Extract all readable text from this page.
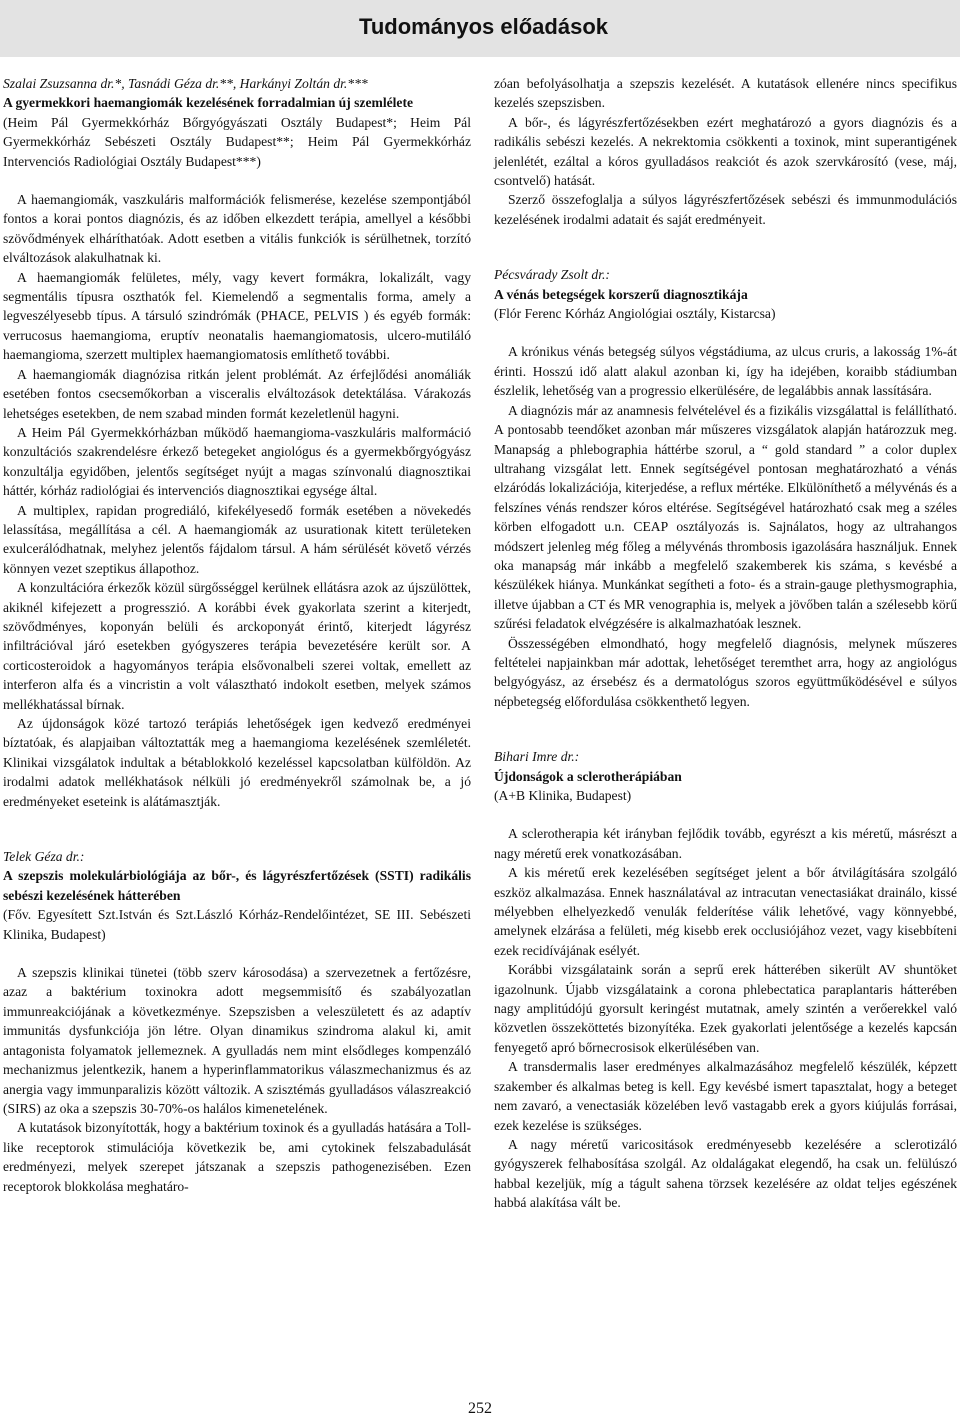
Tudományos előadások

Szalai Zsuzsanna dr.*, Tasnádi Géza dr.**, Harkányi Zoltán dr.***

A gyermekkori haemangiomák kezelésének forradalmian új szemlélete

(Heim Pál Gyermekkórház Bőrgyógyászati Osztály Budapest*; Heim Pál Gyermekkórház Sebészeti Osztály Budapest**; Heim Pál Gyermekkórház Intervenciós Radiológiai Osztály Budapest***)

A haemangiomák, vaszkuláris malformációk felismerése, kezelése szempontjából fontos a korai pontos diagnózis, és az időben elkezdett terápia, amellyel a későbbi szövődmények elháríthatóak. Adott esetben a vitális funkciók is sérülhetnek, torzító elváltozások alakulhatnak ki.

A haemangiomák felületes, mély, vagy kevert formákra, lokalizált, vagy segmentális típusra oszthatók fel. Kiemelendő a segmentalis forma, amely a legveszélyesebb típus. A társuló szindrómák (PHACE, PELVIS ) és egyéb formák: verrucosus haemangioma, eruptív neonatalis haemangiomatosis, ulcero-mutiláló haemangioma, szerzett multiplex haemangiomatosis említhető további.

A haemangiomák diagnózisa ritkán jelent problémát. Az érfejlődési anomáliák esetében fontos csecsemőkorban a visceralis elváltozások detektálása. Várakozás lehetséges esetekben, de nem szabad minden formát kezeletlenül hagyni.

A Heim Pál Gyermekkórházban működő haemangioma-vaszkuláris malformáció konzultációs szakrendelésre érkező betegeket angiológus és a gyermekbőrgyógyász konzultálja egyidőben, jelentős segítséget nyújt a magas színvonalú diagnosztikai háttér, kórház radiológiai és intervenciós diagnosztikai egysége által.

A multiplex, rapidan progrediáló, kifekélyesedő formák esetében a növekedés lelassítása, megállítása a cél. A haemangiomák az usurationak kitett területeken exulcerálódhatnak, melyhez jelentős fájdalom társul. A hám sérülését követő vérzés könnyen vezet szeptikus állapothoz.

A konzultációra érkezők közül sürgősséggel kerülnek ellátásra azok az újszülöttek, akiknél kifejezett a progresszió. A korábbi évek gyakorlata szerint a kiterjedt, szövődményes, koponyán belüli és arckoponyát érintő, kiterjedt lágyrész infiltrációval járó esetekben gyógyszeres terápia bevezetésére került sor. A corticosteroidok a hagyományos terápia elsővonalbeli szerei voltak, emellett az interferon alfa és a vincristin a volt választható indokolt esetben, melyek számos mellékhatással bírnak.

Az újdonságok közé tartozó terápiás lehetőségek igen kedvező eredményei bíztatóak, és alapjaiban változtatták meg a haemangioma kezelésének szemléletét. Klinikai vizsgálatok indultak a bétablokkoló kezeléssel kapcsolatban külföldön. Az irodalmi adatok mellékhatások nélküli jó eredményekről számolnak be, a jó eredményeket eseteink is alátámasztják.

Telek Géza dr.:

A szepszis molekulárbiológiája az bőr-, és lágyrészfertőzések (SSTI) radikális sebészi kezelésének hátterében

(Főv. Egyesített Szt.István és Szt.László Kórház-Rendelőintézet, SE III. Sebészeti Klinika, Budapest)

A szepszis klinikai tünetei (több szerv károsodása) a szervezetnek a fertőzésre, azaz a baktérium toxinokra adott megsemmisítő és szabályozatlan immunreakciójának a következménye. Szepszisben a veleszületett és az adaptív immunitás dysfunkciója jön létre. Olyan dinamikus szindroma alakul ki, amit antagonista folyamatok jellemeznek. A gyulladás nem mint elsődleges kompenzáló mechanizmus jelentkezik, hanem a hyperinflammatorikus válaszmechanizmus és az anergia vagy immunparalizis között változik. A szisztémás gyulladásos válaszreakció (SIRS) az oka a szepszis 30-70%-os halálos kimenetelének.

A kutatások bizonyították, hogy a baktérium toxinok és a gyulladás hatására a Toll-like receptorok stimulációja következik be, ami cytokinek felszabadulását eredményezi, melyek szerepet játszanak a szepszis pathogenezisében. Ezen receptorok blokkolása meghatáro-

zóan befolyásolhatja a szepszis kezelését. A kutatások ellenére nincs specifikus kezelés szepszisben.

A bőr-, és lágyrészfertőzésekben ezért meghatározó a gyors diagnózis és a radikális sebészi kezelés. A nekrektomia csökkenti a toxinok, mint superantigének jelenlétét, ezáltal a kóros gyulladásos reakciót és azok szervkárosító (vese, máj, csontvelő) hatását.

Szerző összefoglalja a súlyos lágyrészfertőzések sebészi és immunmodulációs kezelésének irodalmi adatait és saját eredményeit.

Pécsvárady Zsolt dr.:

A vénás betegségek korszerű diagnosztikája

(Flór Ferenc Kórház Angiológiai osztály, Kistarcsa)

A krónikus vénás betegség súlyos végstádiuma, az ulcus cruris, a lakosság 1%-át érinti. Hosszú idő alatt alakul azonban ki, így ha idejében, koraibb stádiumban észlelik, lehetőség van a progressio elkerülésére, de legalábbis annak lassítására.

A diagnózis már az anamnesis felvételével és a fizikális vizsgálattal is felállítható. A pontosabb teendőket azonban már műszeres vizsgálatok alapján határozzuk meg. Manapság a phlebographia háttérbe szorul, a “ gold standard ” a color duplex ultrahang vizsgálat lett. Ennek segítségével pontosan meghatározható a vénás elzáródás lokalizációja, kiterjedése, a reflux mértéke. Elkülöníthető a mélyvénás és a felszínes vénás rendszer kóros eltérése. Segítségével határozható csak meg a széles körben elfogadott u.n. CEAP osztályozás is. Sajnálatos, hogy az ultrahangos módszert jelenleg még főleg a mélyvénás thrombosis igazolására használjuk. Ennek oka manapság már inkább a megfelelő szakemberek kis száma, s kevésbé a készülékek hiánya. Munkánkat segítheti a foto- és a strain-gauge plethysmographia, illetve újabban a CT és MR venographia is, melyek a jövőben talán a szélesebb körű szűrési feladatok elvégzésére is alkalmazhatóak lesznek.

Összességében elmondható, hogy megfelelő diagnósis, melynek műszeres feltételei napjainkban már adottak, lehetőséget teremthet arra, hogy az angiológus belgyógyász, az érsebész és a dermatológus szoros együttműködésével e súlyos népbetegség előfordulása csökkenthető legyen.

Bihari Imre dr.:

Újdonságok a sclerotherápiában

(A+B Klinika, Budapest)

A sclerotherapia két irányban fejlődik tovább, egyrészt a kis méretű, másrészt a nagy méretű erek vonatkozásában.

A kis méretű erek kezelésében segítséget jelent a bőr átvilágítására szolgáló eszköz alkalmazása. Ennek használatával az intracutan venectasiákat drainálo, kissé mélyebben elhelyezkedő venulák felderítése válik lehetővé, vagy könnyebbé, amelynek elzárása a felületi, még kisebb erek occlusiójához vezet, vagy kisebbíteni ezek recidívájának esélyét.

Korábbi vizsgálataink során a seprű erek hátterében sikerült AV shuntöket igazolnunk. Újabb vizsgálataink a corona phlebectatica paraplantaris hátterében nagy amplitúdójú gyorsult keringést mutatnak, amely szintén a verőerekkel való közvetlen összeköttetés bizonyítéka. Ezek gyakorlati jelentősége a kezelés kapcsán fenyegető apró bőrnecrosisok elkerülésében van.

A transdermalis laser eredményes alkalmazásához megfelelő készülék, képzett szakember és alkalmas beteg is kell. Egy kevésbé ismert tapasztalat, hogy a beteget nem zavaró, a venectasiák közelében levő vastagabb erek a gyors kiújulás forrásai, ezek kezelése is szükséges.

A nagy méretű varicositások eredményesebb kezelésére a sclerotizáló gyógyszerek felhabosítása szolgál. Az oldalágakat elegendő, ha csak un. felülúszó habbal kezeljük, míg a tágult sahena törzsek kezelésére az oldat teljes egészének habbá alakítása vált be.

252
